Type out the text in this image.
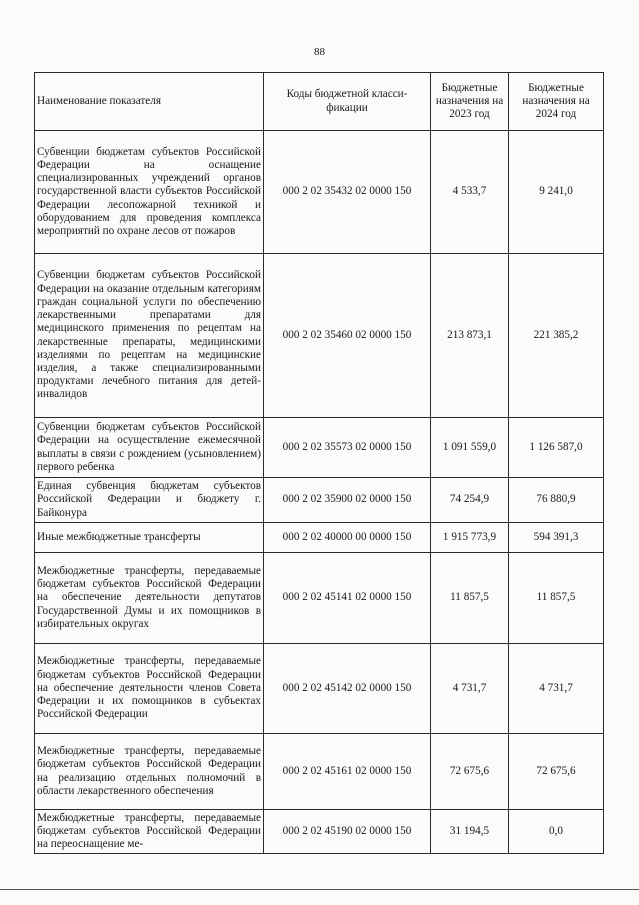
88
Наименование показателя	Коды бюджетной класси-фикации	Бюджетные назначения на 2023 год	Бюджетные назначения на 2024 год
Субвенции бюджетам субъектов Российской Федерации на оснащение специализированных учреждений органов государственной власти субъектов Российской Федерации лесопожарной техникой и оборудованием для проведения комплекса мероприятий по охране лесов от пожаров	000 2 02 35432 02 0000 150	4 533,7	9 241,0
Субвенции бюджетам субъектов Российской Федерации на оказание отдельным категориям граждан социальной услуги по обеспечению лекарственными препаратами для медицинского применения по рецептам на лекарственные препараты, медицинскими изделиями по рецептам на медицинские изделия, а также специализированными продуктами лечебного питания для детей-инвалидов	000 2 02 35460 02 0000 150	213 873,1	221 385,2
Субвенции бюджетам субъектов Российской Федерации на осуществление ежемесячной выплаты в связи с рождением (усыновлением) первого ребенка	000 2 02 35573 02 0000 150	1 091 559,0	1 126 587,0
Единая субвенция бюджетам субъектов Российской Федерации и бюджету г. Байконура	000 2 02 35900 02 0000 150	74 254,9	76 880,9
Иные межбюджетные трансферты	000 2 02 40000 00 0000 150	1 915 773,9	594 391,3
Межбюджетные трансферты, передаваемые бюджетам субъектов Российской Федерации на обеспечение деятельности депутатов Государственной Думы и их помощников в избирательных округах	000 2 02 45141 02 0000 150	11 857,5	11 857,5
Межбюджетные трансферты, передаваемые бюджетам субъектов Российской Федерации на обеспечение деятельности членов Совета Федерации и их помощников в субъектах Российской Федерации	000 2 02 45142 02 0000 150	4 731,7	4 731,7
Межбюджетные трансферты, передаваемые бюджетам субъектов Российской Федерации на реализацию отдельных полномочий в области лекарственного обеспечения	000 2 02 45161 02 0000 150	72 675,6	72 675,6
Межбюджетные трансферты, передаваемые бюджетам субъектов Российской Федерации на переоснащение ме-	000 2 02 45190 02 0000 150	31 194,5	0,0
